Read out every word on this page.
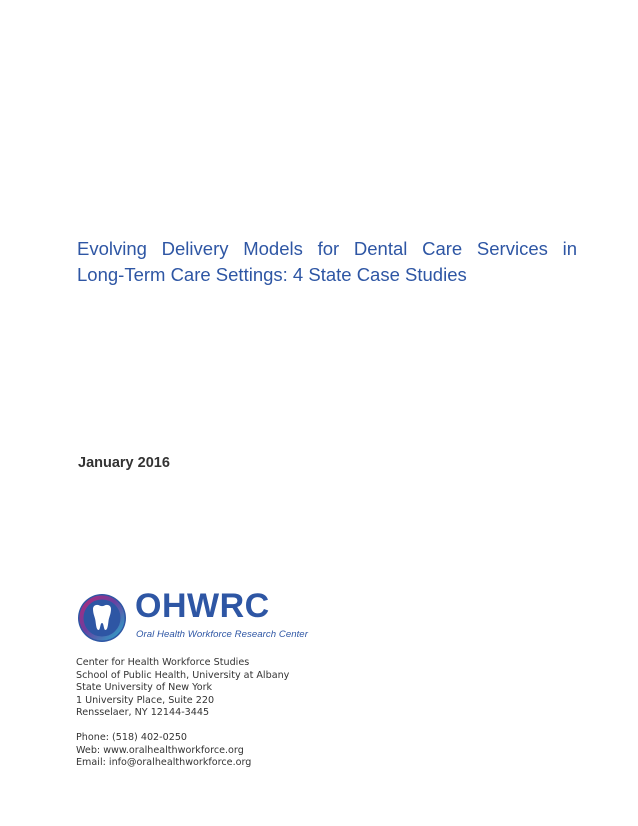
Evolving Delivery Models for Dental Care Services in
Long-Term Care Settings: 4 State Case Studies

January 2016

OHWRC
Oral Health Workforce Research Center
Center for Health Workforce Studies
School of Public Health, University at Albany
State University of New York
1 University Place, Suite 220
Rensselaer, NY 12144-3445
Phone: (518) 402-0250
Web: www.oralhealthworkforce.org
Email: info@oralhealthworkforce.org
